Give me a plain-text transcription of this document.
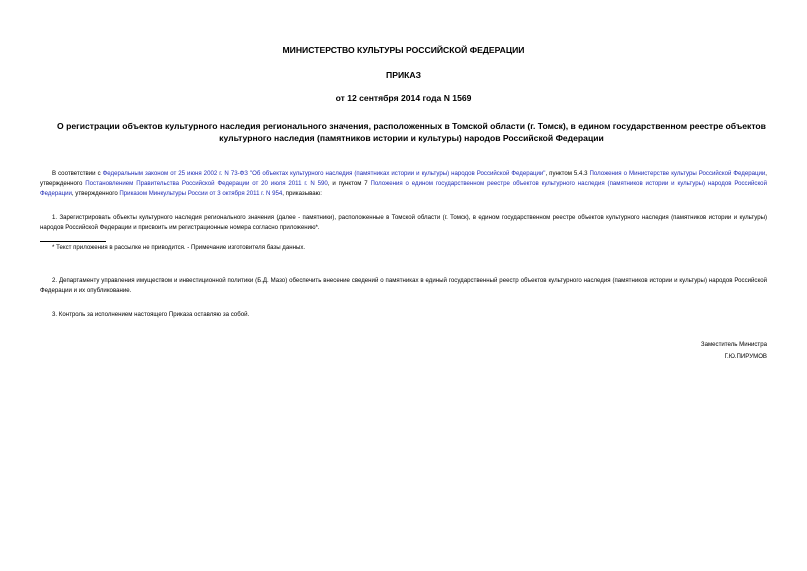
МИНИСТЕРСТВО КУЛЬТУРЫ РОССИЙСКОЙ ФЕДЕРАЦИИ
ПРИКАЗ
от 12 сентября 2014 года N 1569
О регистрации объектов культурного наследия регионального значения, расположенных в Томской области (г. Томск), в едином государственном реестре объектов культурного наследия (памятников истории и культуры) народов Российской Федерации
В соответствии с Федеральным законом от 25 июня 2002 г. N 73-ФЗ "Об объектах культурного наследия (памятниках истории и культуры) народов Российской Федерации", пунктом 5.4.3 Положения о Министерстве культуры Российской Федерации, утвержденного Постановлением Правительства Российской Федерации от 20 июля 2011 г. N 590, и пунктом 7 Положения о едином государственном реестре объектов культурного наследия (памятников истории и культуры) народов Российской Федерации, утвержденного Приказом Минкультуры России от 3 октября 2011 г. N 954, приказываю:
1. Зарегистрировать объекты культурного наследия регионального значения (далее - памятники), расположенные в Томской области (г. Томск), в едином государственном реестре объектов культурного наследия (памятников истории и культуры) народов Российской Федерации и присвоить им регистрационные номера согласно приложению*.
* Текст приложения в рассылке не приводится. - Примечание изготовителя базы данных.
2. Департаменту управления имуществом и инвестиционной политики (Б.Д. Мазо) обеспечить внесение сведений о памятниках в единый государственный реестр объектов культурного наследия (памятников истории и культуры) народов Российской Федерации и их опубликование.
3. Контроль за исполнением настоящего Приказа оставляю за собой.
Заместитель Министра
Г.Ю.ПИРУМОВ
